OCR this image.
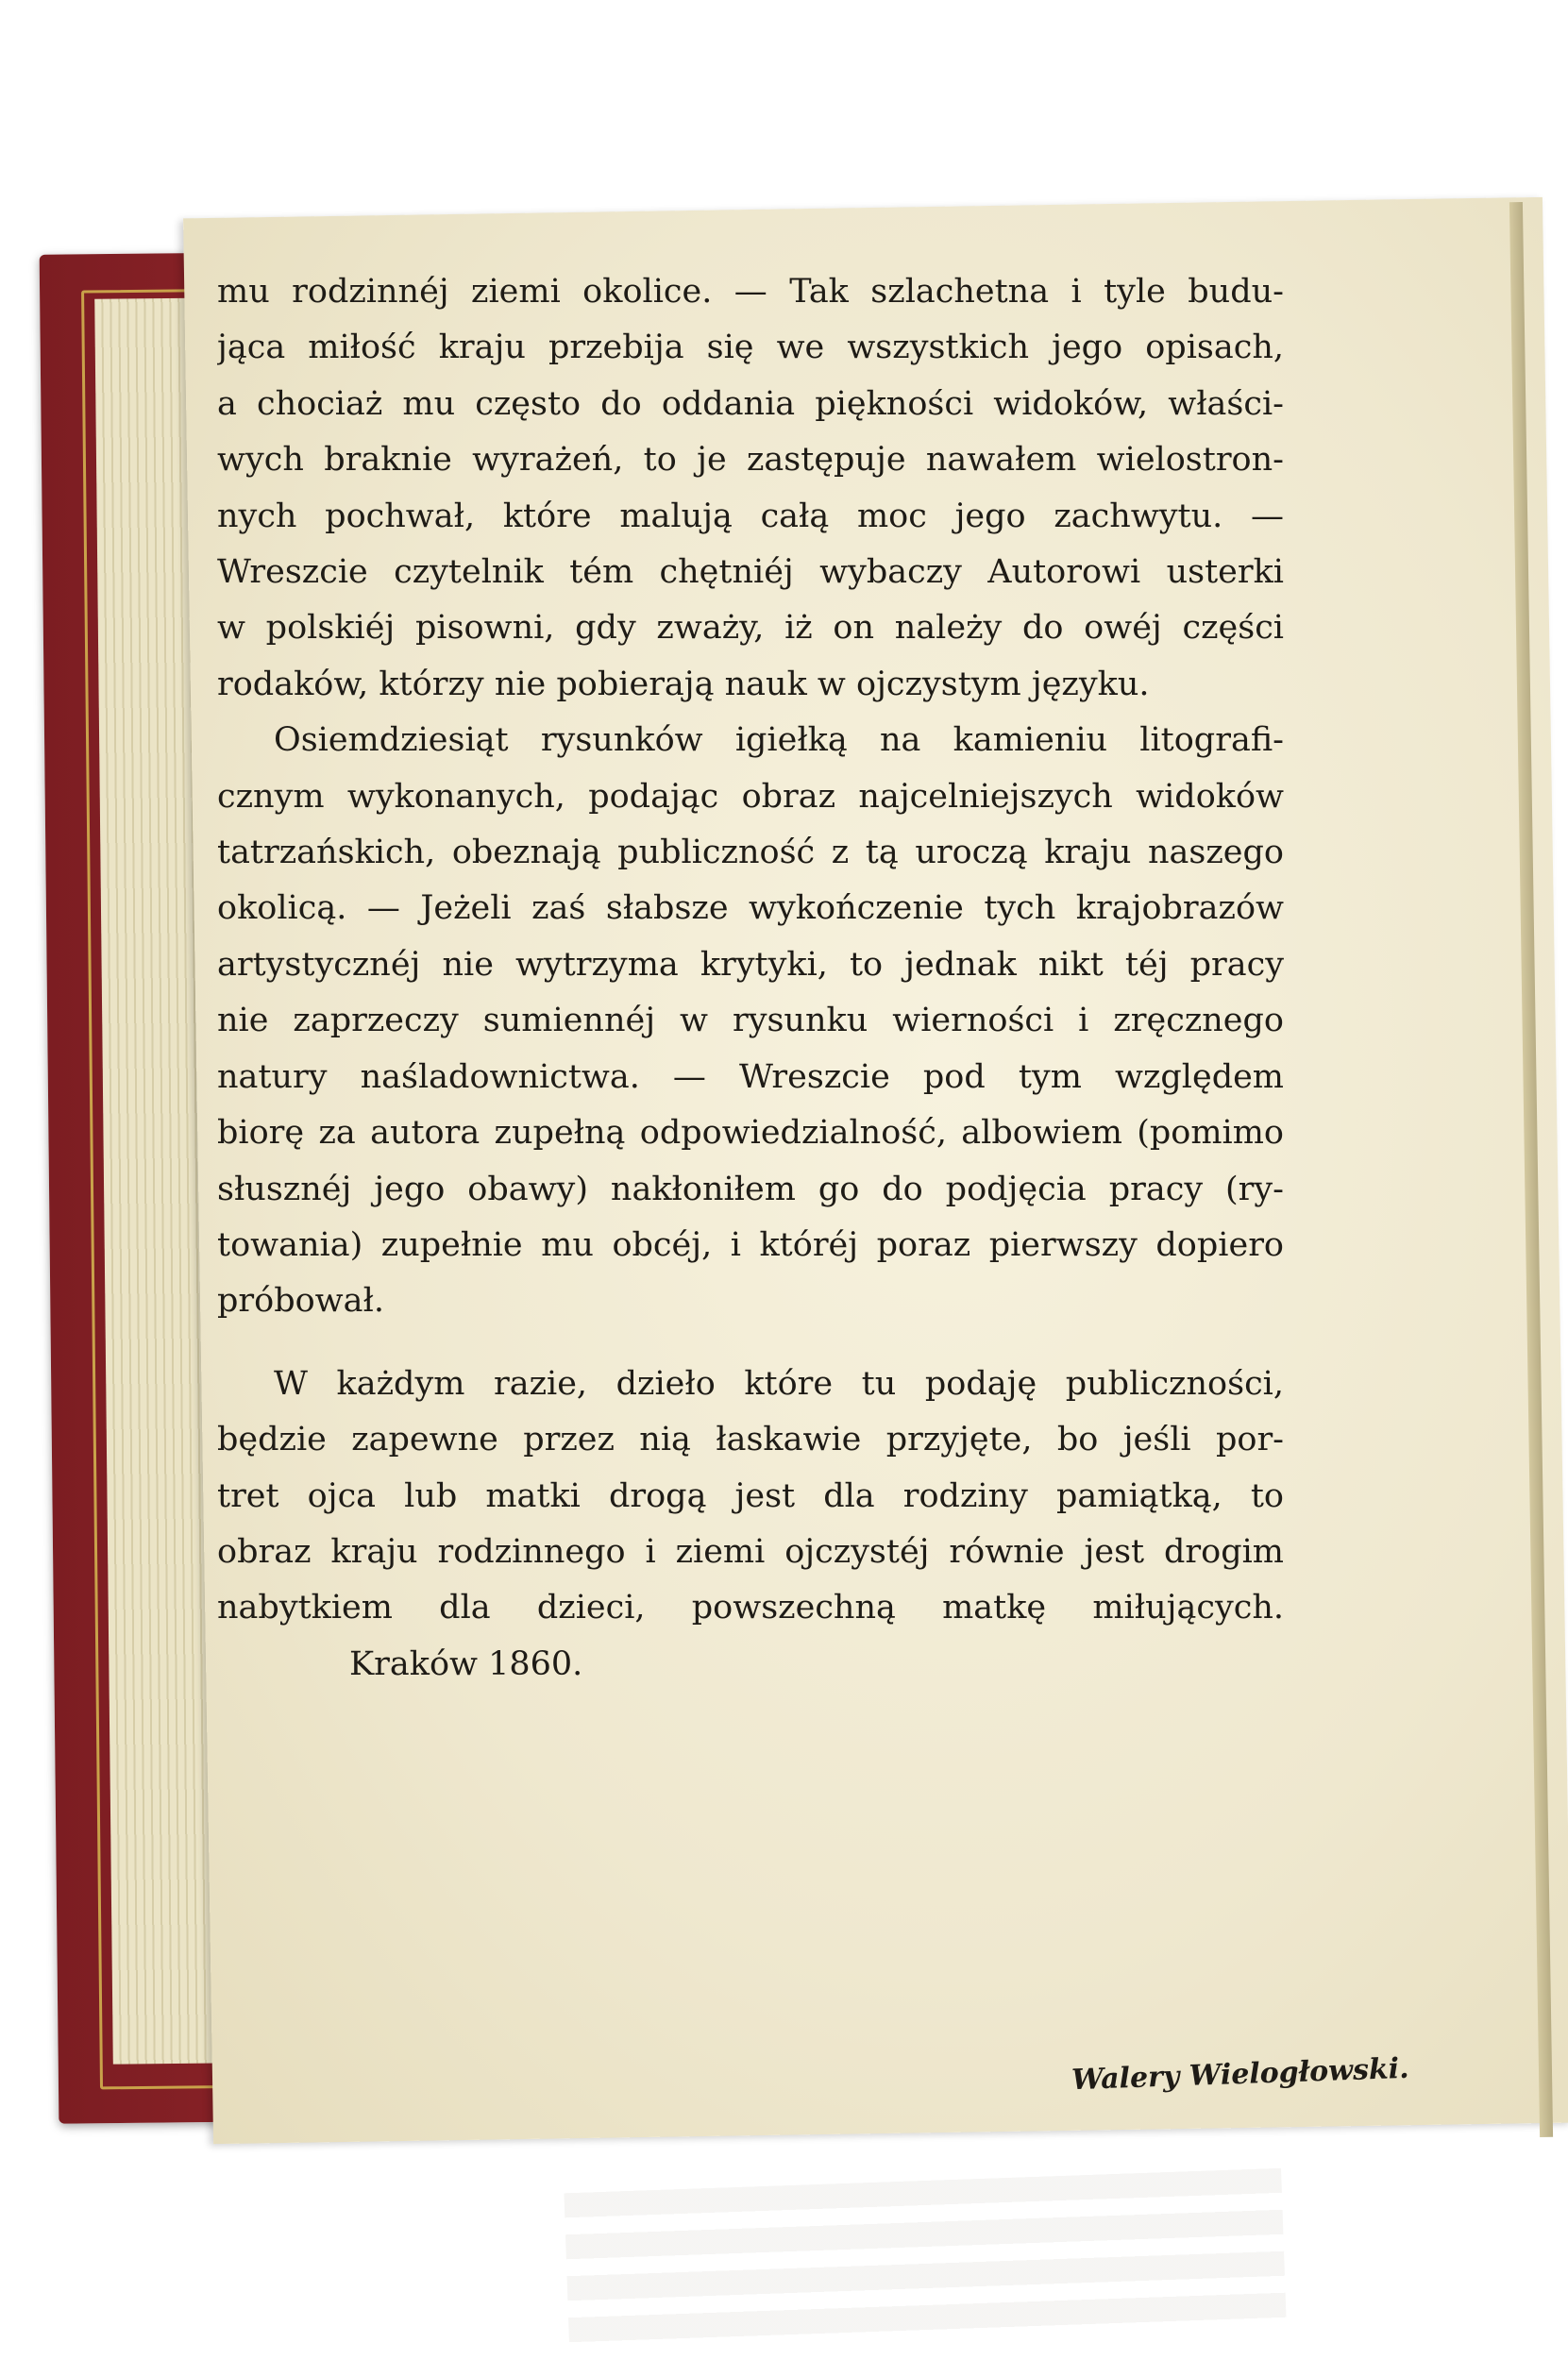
mu rodzinnéj ziemi okolice. — Tak szlachetna i tyle budu-
jąca miłość kraju przebija się we wszystkich jego opisach,
a chociaż mu często do oddania piękności widoków, właści-
wych braknie wyrażeń, to je zastępuje nawałem wielostron-
nych pochwał, które malują całą moc jego zachwytu. —
Wreszcie czytelnik tém chętniéj wybaczy Autorowi usterki
w polskiéj pisowni, gdy zważy, iż on należy do owéj części
rodaków, którzy nie pobierają nauk w ojczystym języku.
Osiemdziesiąt rysunków igiełką na kamieniu litografi-
cznym wykonanych, podając obraz najcelniejszych widoków
tatrzańskich, obeznają publiczność z tą uroczą kraju naszego
okolicą. — Jeżeli zaś słabsze wykończenie tych krajobrazów
artystycznéj nie wytrzyma krytyki, to jednak nikt téj pracy
nie zaprzeczy sumiennéj w rysunku wierności i zręcznego
natury naśladownictwa. — Wreszcie pod tym względem
biorę za autora zupełną odpowiedzialność, albowiem (pomimo
słusznéj jego obawy) nakłoniłem go do podjęcia pracy (ry-
towania) zupełnie mu obcéj, i któréj poraz pierwszy dopiero
próbował.
W każdym razie, dzieło które tu podaję publiczności,
będzie zapewne przez nią łaskawie przyjęte, bo jeśli por-
tret ojca lub matki drogą jest dla rodziny pamiątką, to
obraz kraju rodzinnego i ziemi ojczystéj równie jest drogim
nabytkiem dla dzieci, powszechną matkę miłujących.
Kraków 1860.
Walery Wielogłowski.
